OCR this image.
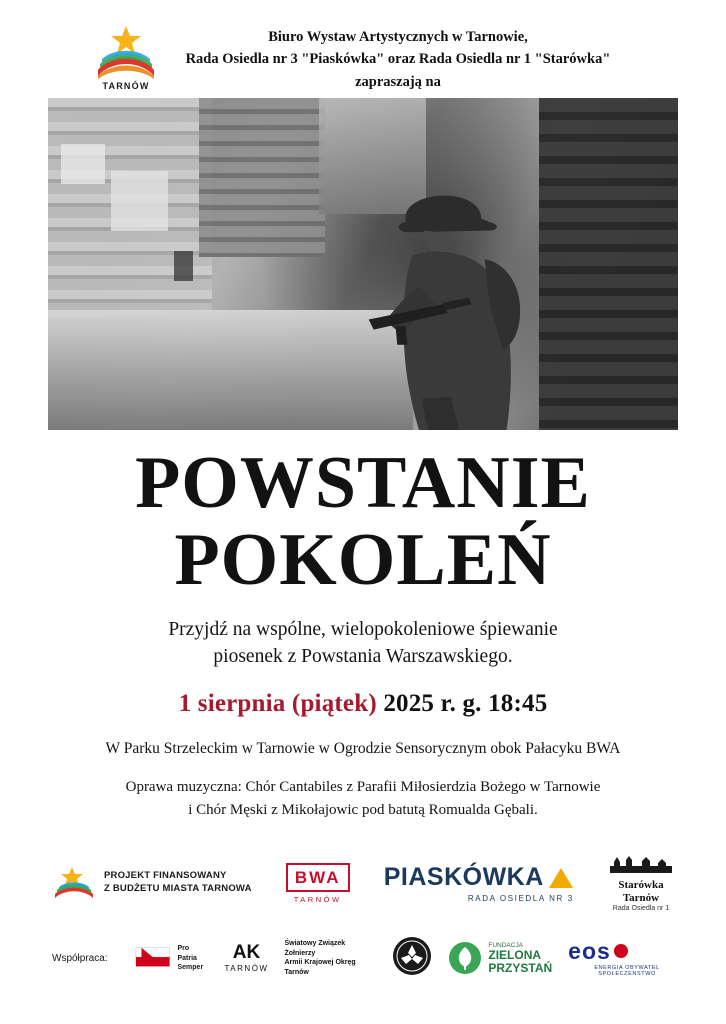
TARNÓW
Biuro Wystaw Artystycznych w Tarnowie,
Rada Osiedla nr 3 "Piaskówka" oraz Rada Osiedla nr 1 "Starówka"
zapraszają na
POWSTANIE
POKOLEŃ
Przyjdź na wspólne, wielopokoleniowe śpiewanie
piosenek z Powstania Warszawskiego.
1 sierpnia (piątek) 2025 r. g. 18:45
W Parku Strzeleckim w Tarnowie w Ogrodzie Sensorycznym obok Pałacyku BWA
Oprawa muzyczna: Chór Cantabiles z Parafii Miłosierdzia Bożego w Tarnowie
i Chór Męski z Mikołajowic pod batutą Romualda Gębali.
PROJEKT FINANSOWANY
Z BUDŻETU MIASTA TARNOWA
BWA
TARNÓW
PIASKÓWKA
RADA OSIEDLA NR 3
Starówka
Tarnów
Rada Osiedla nr 1
Współpraca:
Pro Patria
Semper
AK
TARNÓW
Światowy Związek Żołnierzy
Armii Krajowej Okręg Tarnów
FUNDACJA
ZIELONA
PRZYSTAŃ
eos
ENERGIA OBYWATEL SPOŁECZEŃSTWO
